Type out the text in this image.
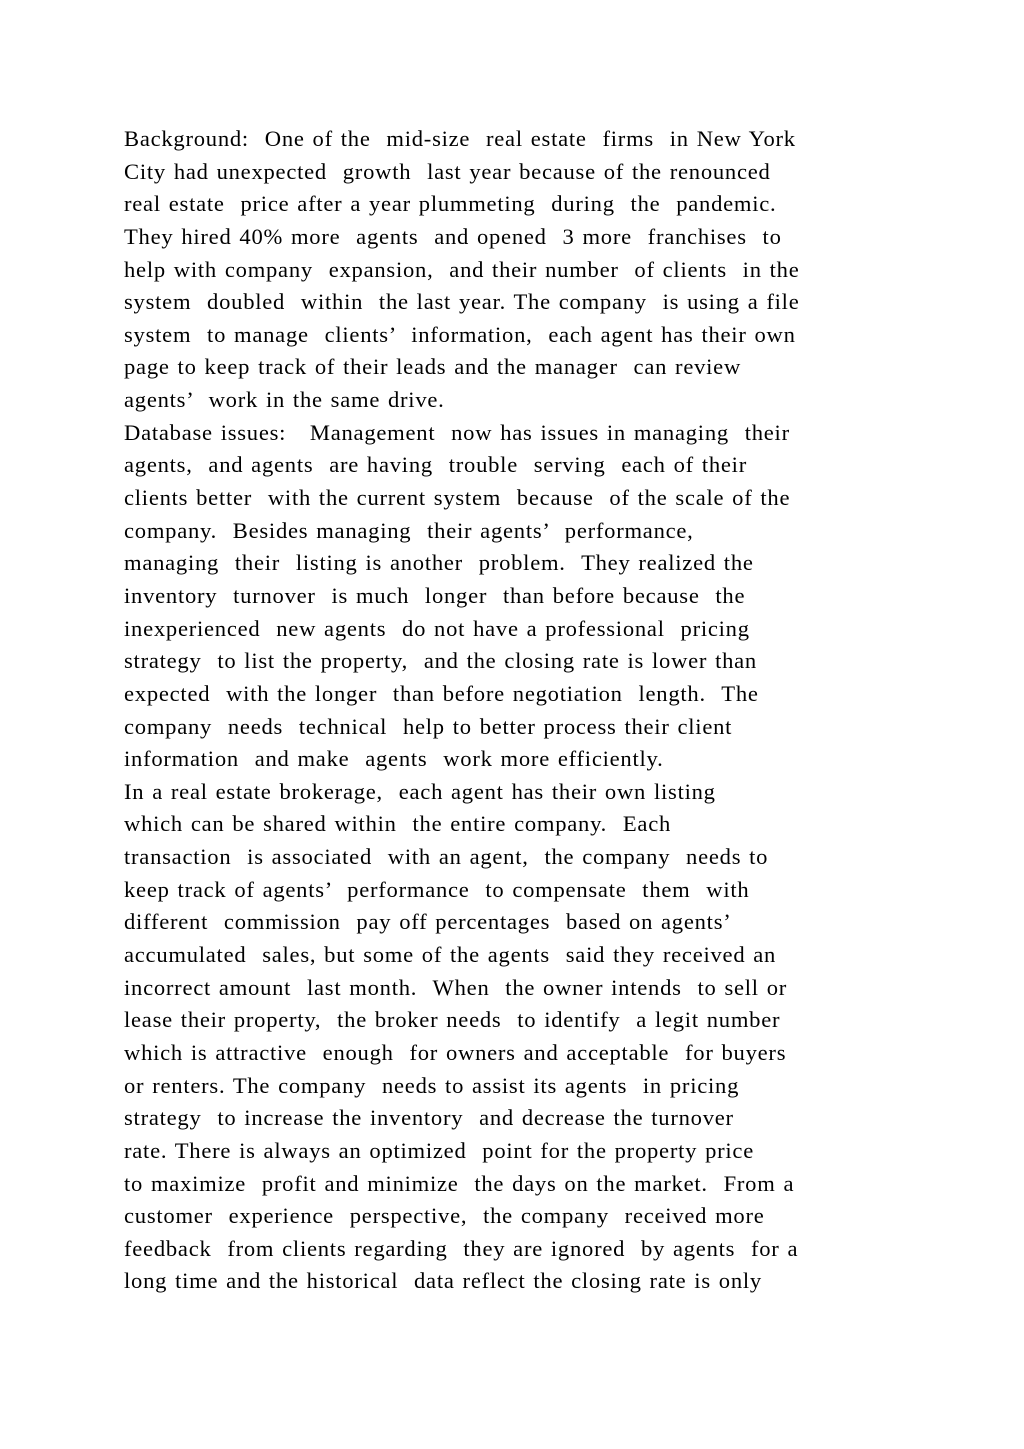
Background:  One of the  mid-size  real estate  firms  in New York
City had unexpected  growth  last year because of the renounced
real estate  price after a year plummeting  during  the  pandemic.
They hired 40% more  agents  and opened  3 more  franchises  to
help with company  expansion,  and their number  of clients  in the
system  doubled  within  the last year. The company  is using a file
system  to manage  clients’  information,  each agent has their own
page to keep track of their leads and the manager  can review
agents’  work in the same drive.
Database issues:   Management  now has issues in managing  their
agents,  and agents  are having  trouble  serving  each of their
clients better  with the current system  because  of the scale of the
company.  Besides managing  their agents’  performance,
managing  their  listing is another  problem.  They realized the
inventory  turnover  is much  longer  than before because  the
inexperienced  new agents  do not have a professional  pricing
strategy  to list the property,  and the closing rate is lower than
expected  with the longer  than before negotiation  length.  The
company  needs  technical  help to better process their client
information  and make  agents  work more efficiently.
In a real estate brokerage,  each agent has their own listing
which can be shared within  the entire company.  Each
transaction  is associated  with an agent,  the company  needs to
keep track of agents’  performance  to compensate  them  with
different  commission  pay off percentages  based on agents’
accumulated  sales, but some of the agents  said they received an
incorrect amount  last month.  When  the owner intends  to sell or
lease their property,  the broker needs  to identify  a legit number
which is attractive  enough  for owners and acceptable  for buyers
or renters. The company  needs to assist its agents  in pricing
strategy  to increase the inventory  and decrease the turnover
rate. There is always an optimized  point for the property price
to maximize  profit and minimize  the days on the market.  From a
customer  experience  perspective,  the company  received more
feedback  from clients regarding  they are ignored  by agents  for a
long time and the historical  data reflect the closing rate is only
